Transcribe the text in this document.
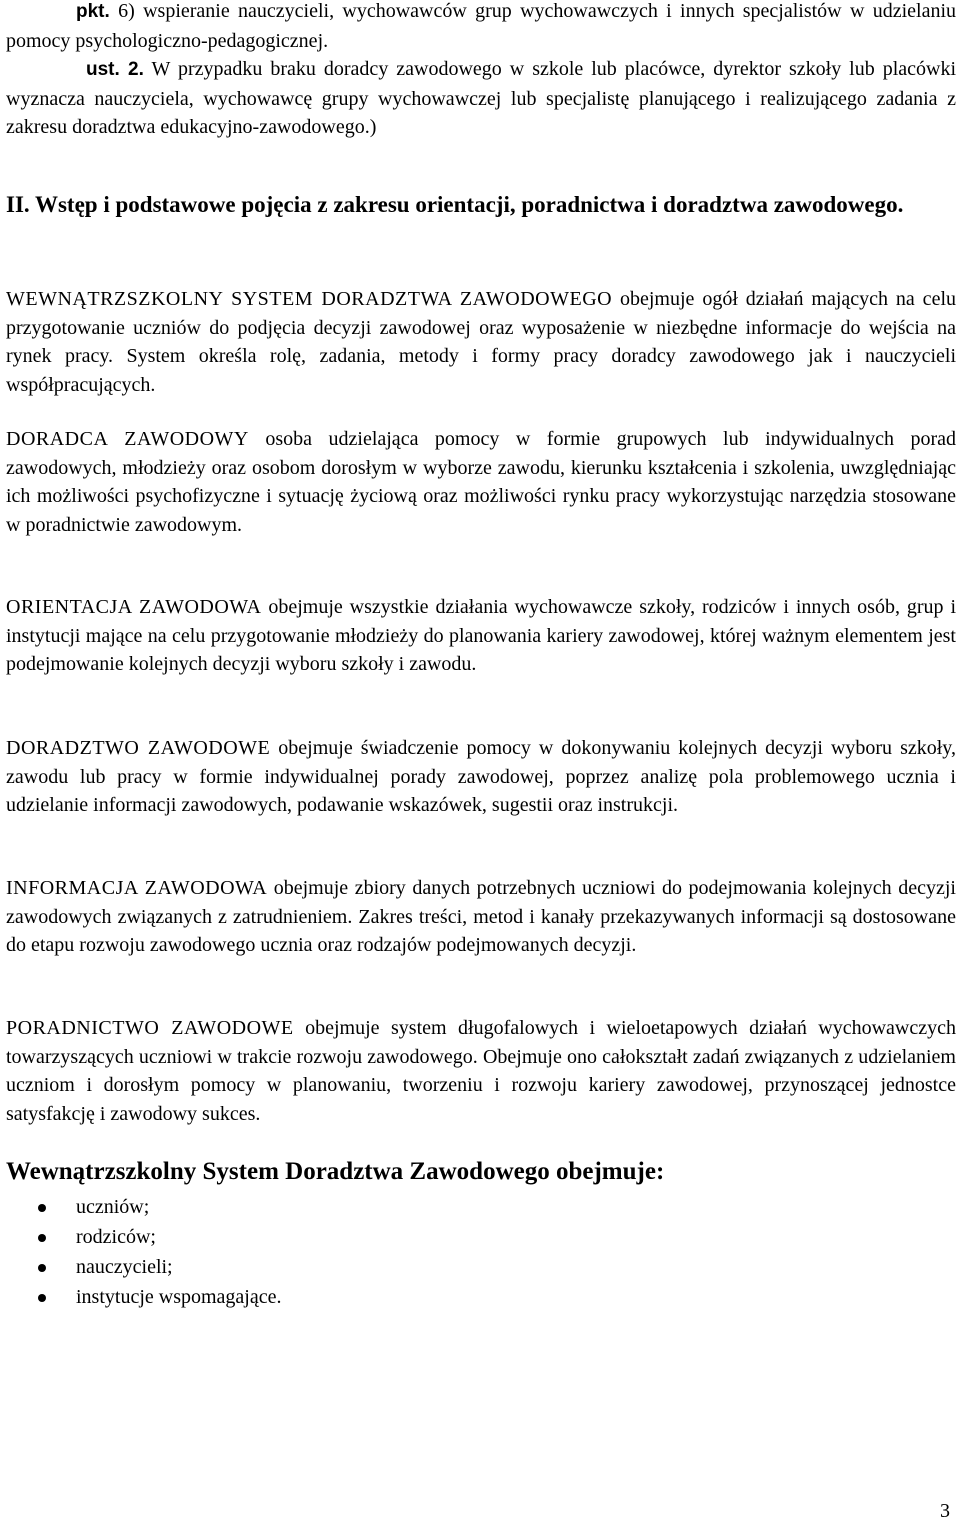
pkt. 6) wspieranie nauczycieli, wychowawców grup wychowawczych i innych specjalistów w udzielaniu pomocy psychologiczno-pedagogicznej.

ust. 2. W przypadku braku doradcy zawodowego w szkole lub placówce, dyrektor szkoły lub placówki wyznacza nauczyciela, wychowawcę grupy wychowawczej lub specjalistę planującego i realizującego zadania z zakresu doradztwa edukacyjno-zawodowego.)

II. Wstęp i podstawowe pojęcia z zakresu orientacji, poradnictwa i doradztwa zawodowego.

WEWNĄTRZSZKOLNY SYSTEM DORADZTWA ZAWODOWEGO obejmuje ogół działań mających na celu przygotowanie uczniów do podjęcia decyzji zawodowej oraz wyposażenie w niezbędne informacje do wejścia na rynek pracy. System określa rolę, zadania, metody i formy pracy doradcy zawodowego jak i nauczycieli współpracujących.

DORADCA ZAWODOWY osoba udzielająca pomocy w formie grupowych lub indywidualnych porad zawodowych, młodzieży oraz osobom dorosłym w wyborze zawodu, kierunku kształcenia i szkolenia, uwzględniając ich możliwości psychofizyczne i sytuację życiową oraz możliwości rynku pracy wykorzystując narzędzia stosowane w poradnictwie zawodowym.

ORIENTACJA ZAWODOWA obejmuje wszystkie działania wychowawcze szkoły, rodziców i innych osób, grup i instytucji mające na celu przygotowanie młodzieży do planowania kariery zawodowej, której ważnym elementem jest podejmowanie kolejnych decyzji wyboru szkoły i zawodu.

DORADZTWO ZAWODOWE obejmuje świadczenie pomocy w dokonywaniu kolejnych decyzji wyboru szkoły, zawodu lub pracy w formie indywidualnej porady zawodowej, poprzez analizę pola problemowego ucznia i udzielanie informacji zawodowych, podawanie wskazówek, sugestii oraz instrukcji.

INFORMACJA ZAWODOWA obejmuje zbiory danych potrzebnych uczniowi do podejmowania kolejnych decyzji zawodowych związanych z zatrudnieniem. Zakres treści, metod i kanały przekazywanych informacji są dostosowane do etapu rozwoju zawodowego ucznia oraz rodzajów podejmowanych decyzji.

PORADNICTWO ZAWODOWE obejmuje system długofalowych i wieloetapowych działań wychowawczych towarzyszących uczniowi w trakcie rozwoju zawodowego. Obejmuje ono całokształt zadań związanych z udzielaniem uczniom i dorosłym pomocy w planowaniu, tworzeniu i rozwoju kariery zawodowej, przynoszącej jednostce satysfakcję i zawodowy sukces.

Wewnątrzszkolny System Doradztwa Zawodowego obejmuje:
uczniów;
rodziców;
nauczycieli;
instytucje wspomagające.
3
